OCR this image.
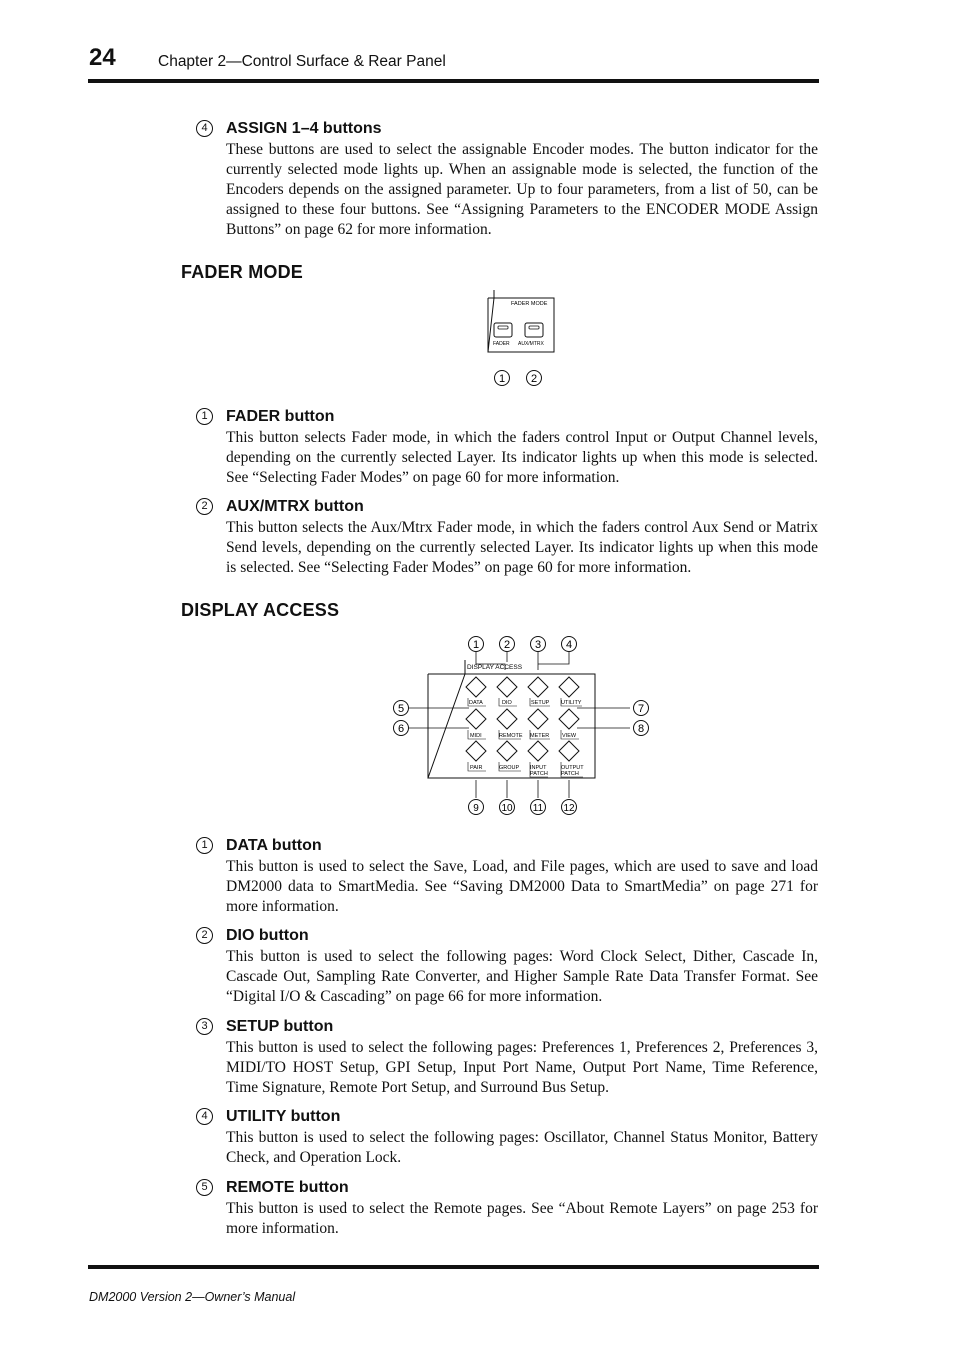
24	Chapter 2—Control Surface & Rear Panel
4	ASSIGN 1–4 buttons
These buttons are used to select the assignable Encoder modes. The button indicator for the currently selected mode lights up. When an assignable mode is selected, the function of the Encoders depends on the assigned parameter. Up to four parameters, from a list of 50, can be assigned to these four buttons. See “Assigning Parameters to the ENCODER MODE Assign Buttons” on page 62 for more information.
FADER MODE
FADER MODE
FADER AUX/MTRX
1 2
1	FADER button
This button selects Fader mode, in which the faders control Input or Output Channel levels, depending on the currently selected Layer. Its indicator lights up when this mode is selected. See “Selecting Fader Modes” on page 60 for more information.
2	AUX/MTRX button
This button selects the Aux/Mtrx Fader mode, in which the faders control Aux Send or Matrix Send levels, depending on the currently selected Layer. Its indicator lights up when this mode is selected. See “Selecting Fader Modes” on page 60 for more information.
DISPLAY ACCESS
DISPLAY ACCESS
DATA	DIO	SETUP UTILITY
MIDI	REMOTE METER VIEW
PAIR	GROUP INPUT
PATCH
OUTPUT
PATCH
1 2 3 4
5
6
7
8
9 10 11 12
1	DATA button
This button is used to select the Save, Load, and File pages, which are used to save and load DM2000 data to SmartMedia. See “Saving DM2000 Data to SmartMedia” on page 271 for more information.
2	DIO button
This button is used to select the following pages: Word Clock Select, Dither, Cascade In, Cascade Out, Sampling Rate Converter, and Higher Sample Rate Data Transfer Format. See “Digital I/O & Cascading” on page 66 for more information.
3	SETUP button
This button is used to select the following pages: Preferences 1, Preferences 2, Preferences 3, MIDI/TO HOST Setup, GPI Setup, Input Port Name, Output Port Name, Time Reference, Time Signature, Remote Port Setup, and Surround Bus Setup.
4	UTILITY button
This button is used to select the following pages: Oscillator, Channel Status Monitor, Battery Check, and Operation Lock.
5	REMOTE button
This button is used to select the Remote pages. See “About Remote Layers” on page 253 for more information.
DM2000 Version 2—Owner’s Manual
